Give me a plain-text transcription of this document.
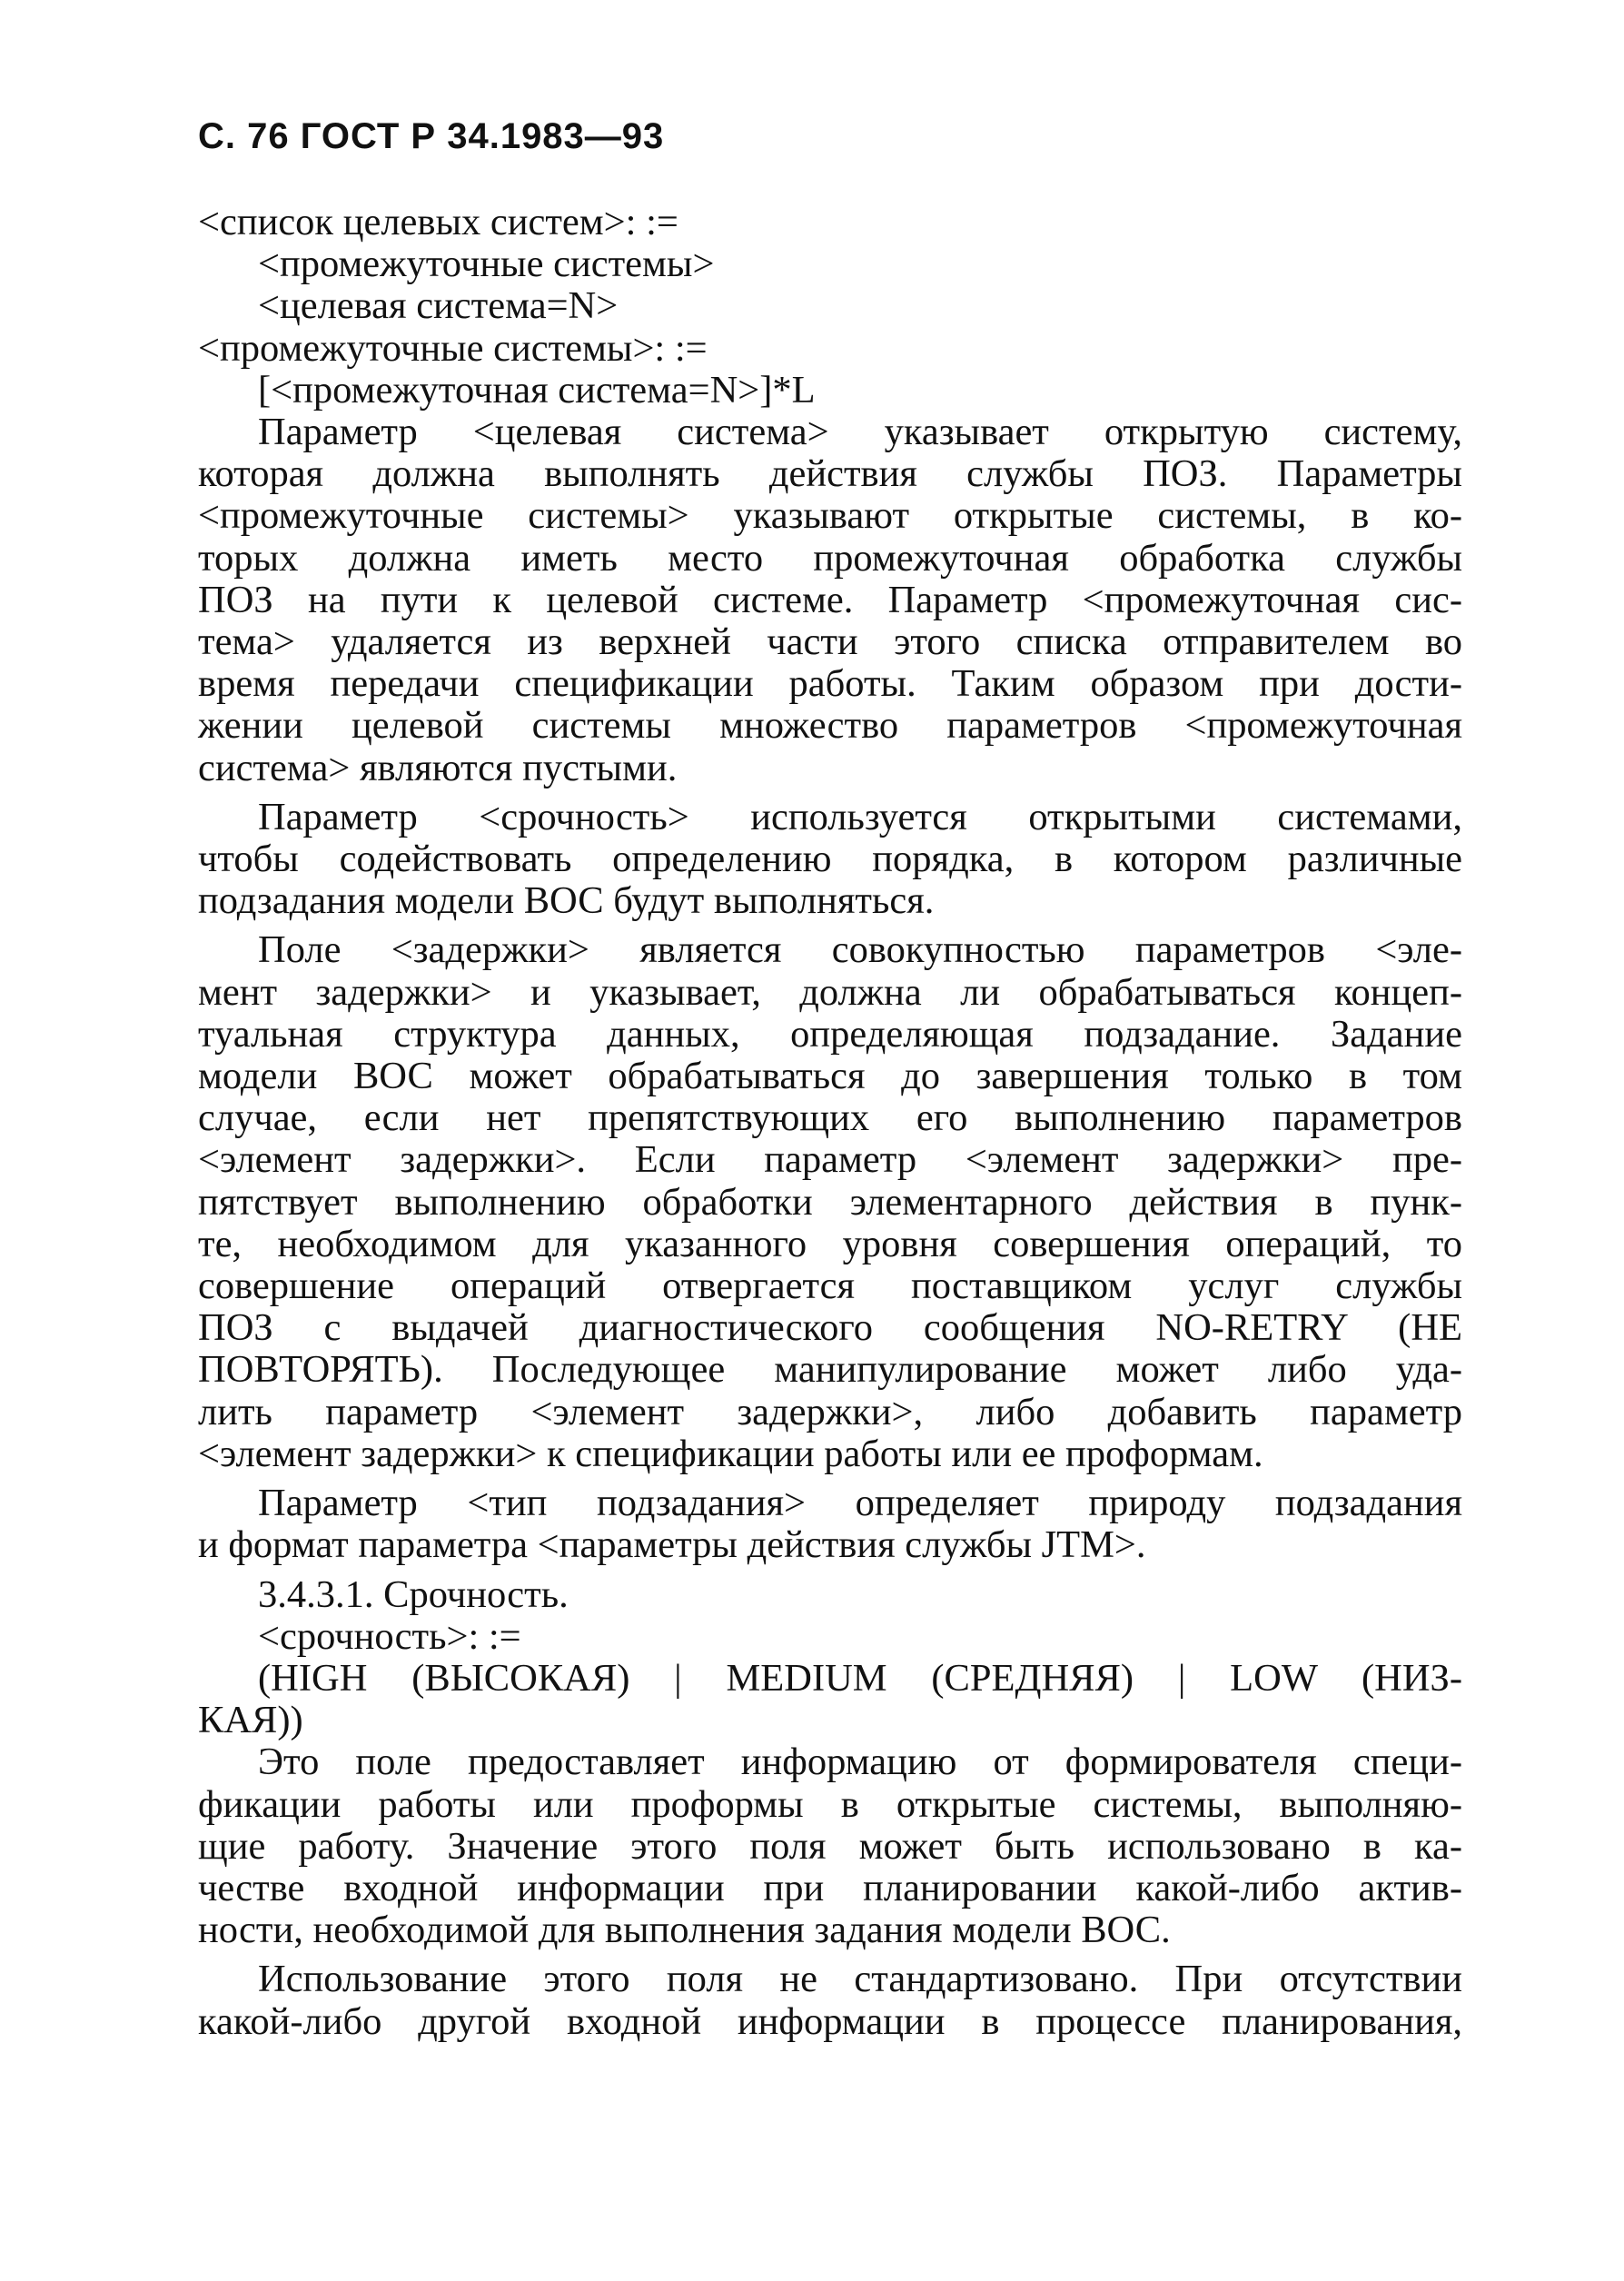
С. 76 ГОСТ Р 34.1983—93
<список целевых систем>: :=
<промежуточные системы>
<целевая система=N>
<промежуточные системы>: :=
[<промежуточная система=N>]*L
Параметр <целевая система> указывает открытую систему,
которая должна выполнять действия службы ПОЗ. Параметры
<промежуточные системы> указывают открытые системы, в ко-
торых должна иметь место промежуточная обработка службы
ПОЗ на пути к целевой системе. Параметр <промежуточная сис-
тема> удаляется из верхней части этого списка отправителем во
время передачи спецификации работы. Таким образом при дости-
жении целевой системы множество параметров <промежуточная
система> являются пустыми.
Параметр <срочность> используется открытыми системами,
чтобы содействовать определению порядка, в котором различные
подзадания модели ВОС будут выполняться.
Поле <задержки> является совокупностью параметров <эле-
мент задержки> и указывает, должна ли обрабатываться концеп-
туальная структура данных, определяющая подзадание. Задание
модели ВОС может обрабатываться до завершения только в том
случае, если нет препятствующих его выполнению параметров
<элемент задержки>. Если параметр <элемент задержки> пре-
пятствует выполнению обработки элементарного действия в пунк-
те, необходимом для указанного уровня совершения операций, то
совершение операций отвергается поставщиком услуг службы
ПОЗ с выдачей диагностического сообщения NO-RETRY (НЕ
ПОВТОРЯТЬ). Последующее манипулирование может либо уда-
лить параметр <элемент задержки>, либо добавить параметр
<элемент задержки> к спецификации работы или ее проформам.
Параметр <тип подзадания> определяет природу подзадания
и формат параметра <параметры действия службы JTM>.
3.4.3.1. Срочность.
<срочность>: :=
(HIGH (ВЫСОКАЯ) | MEDIUM (СРЕДНЯЯ) | LOW (НИЗ-
КАЯ))
Это поле предоставляет информацию от формирователя специ-
фикации работы или проформы в открытые системы, выполняю-
щие работу. Значение этого поля может быть использовано в ка-
честве входной информации при планировании какой-либо актив-
ности, необходимой для выполнения задания модели ВОС.
Использование этого поля не стандартизовано. При отсутствии
какой-либо другой входной информации в процессе планирования,
